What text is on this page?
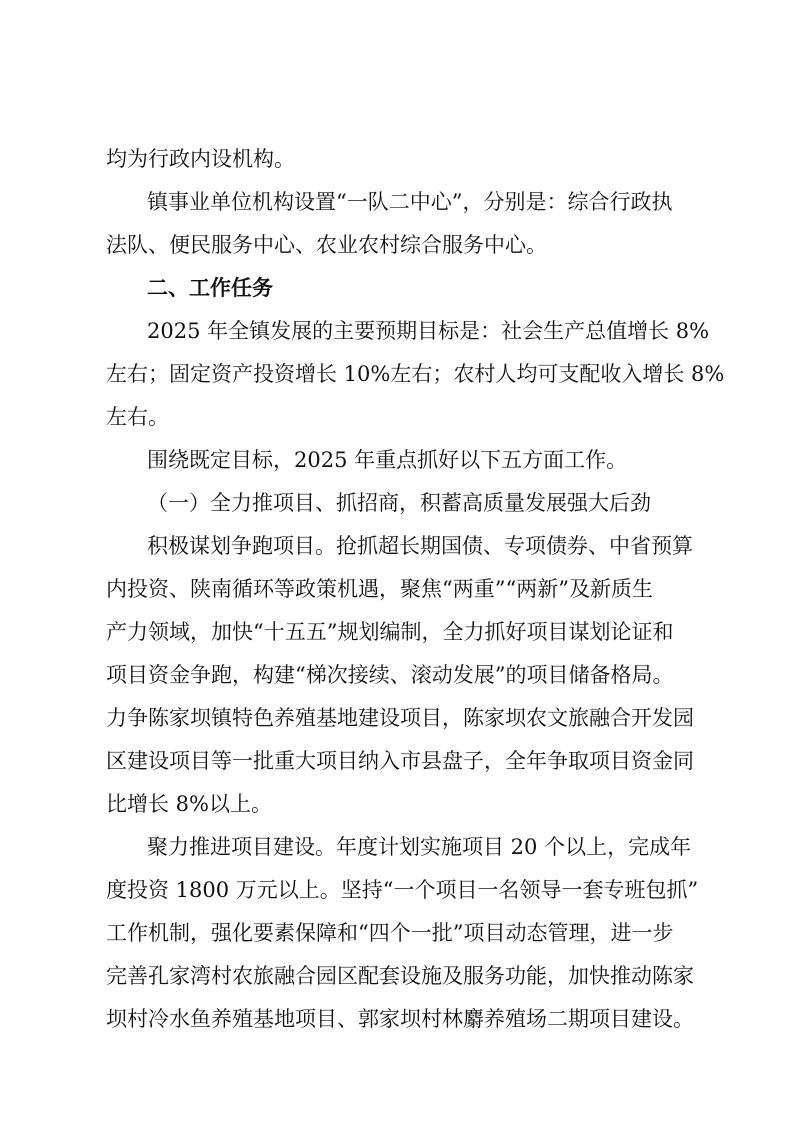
均为行政内设机构。
镇事业单位机构设置“一队二中心”，分别是：综合行政执
法队、便民服务中心、农业农村综合服务中心。
二、工作任务
2025 年全镇发展的主要预期目标是：社会生产总值增长 8%
左右；固定资产投资增长 10%左右；农村人均可支配收入增长 8%
左右。
围绕既定目标，2025 年重点抓好以下五方面工作。
（一）全力推项目、抓招商，积蓄高质量发展强大后劲
积极谋划争跑项目。抢抓超长期国债、专项债券、中省预算
内投资、陕南循环等政策机遇，聚焦“两重”“两新”及新质生
产力领域，加快“十五五”规划编制，全力抓好项目谋划论证和
项目资金争跑，构建“梯次接续、滚动发展”的项目储备格局。
力争陈家坝镇特色养殖基地建设项目，陈家坝农文旅融合开发园
区建设项目等一批重大项目纳入市县盘子，全年争取项目资金同
比增长 8%以上。
聚力推进项目建设。年度计划实施项目 20 个以上，完成年
度投资 1800 万元以上。坚持“一个项目一名领导一套专班包抓”
工作机制，强化要素保障和“四个一批”项目动态管理，进一步
完善孔家湾村农旅融合园区配套设施及服务功能，加快推动陈家
坝村冷水鱼养殖基地项目、郭家坝村林麝养殖场二期项目建设。
